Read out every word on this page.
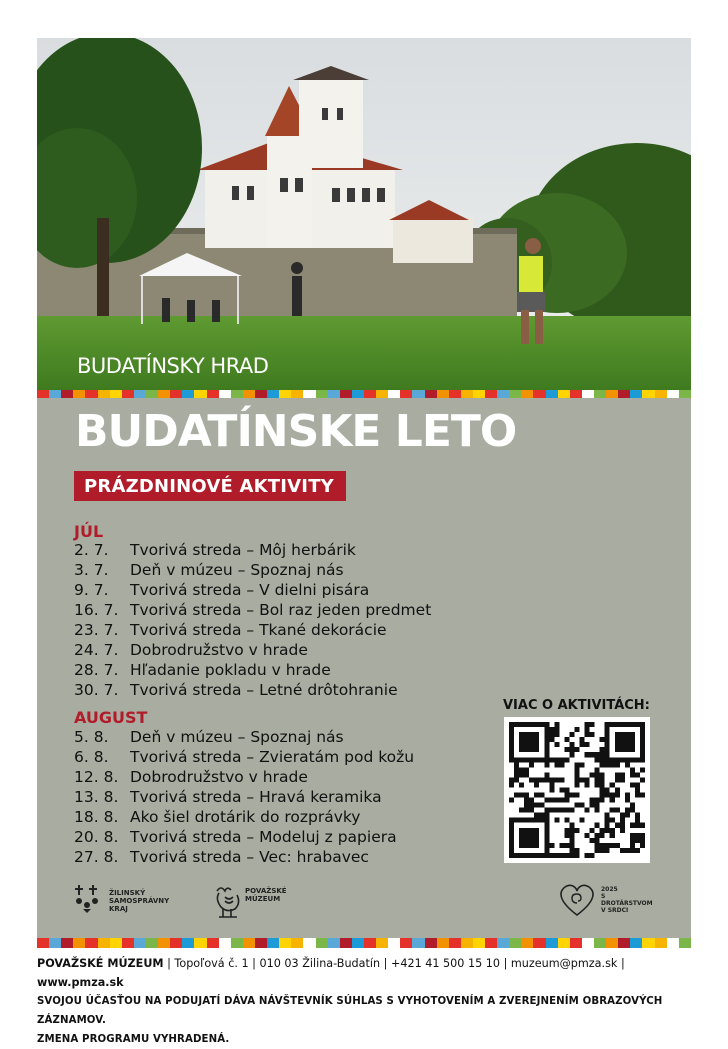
BUDATÍNSKY HRAD
BUDATÍNSKE LETO
PRÁZDNINOVÉ AKTIVITY
JÚL
2. 7.	Tvorivá streda – Môj herbárik
3. 7.	Deň v múzeu – Spoznaj nás
9. 7.	Tvorivá streda – V dielni pisára
16. 7. Tvorivá streda – Bol raz jeden predmet
23. 7. Tvorivá streda – Tkané dekorácie
24. 7. Dobrodružstvo v hrade
28. 7. Hľadanie pokladu v hrade
30. 7. Tvorivá streda – Letné drôtohranie
AUGUST
5. 8.	Deň v múzeu – Spoznaj nás
6. 8.	Tvorivá streda – Zvieratám pod kožu
12. 8. Dobrodružstvo v hrade
13. 8. Tvorivá streda – Hravá keramika
18. 8. Ako šiel drotárik do rozprávky
20. 8. Tvorivá streda – Modeluj z papiera
27. 8. Tvorivá streda – Vec: hrabavec
VIAC O AKTIVITÁCH:
ŽILINSKÝ SAMOSPRÁVNY KRAJ
POVAŽSKÉ MÚZEUM
2025
S DROTÁRSTVOM V SRDCI
POVAŽSKÉ MÚZEUM | Topoľová č. 1 | 010 03 Žilina-Budatín | +421 41 500 15 10 | muzeum@pmza.sk | www.pmza.sk
SVOJOU ÚČASŤOU NA PODUJATÍ DÁVA NÁVŠTEVNÍK SÚHLAS S VYHOTOVENÍM A ZVEREJNENÍM OBRAZOVÝCH ZÁZNAMOV.
ZMENA PROGRAMU VYHRADENÁ.
